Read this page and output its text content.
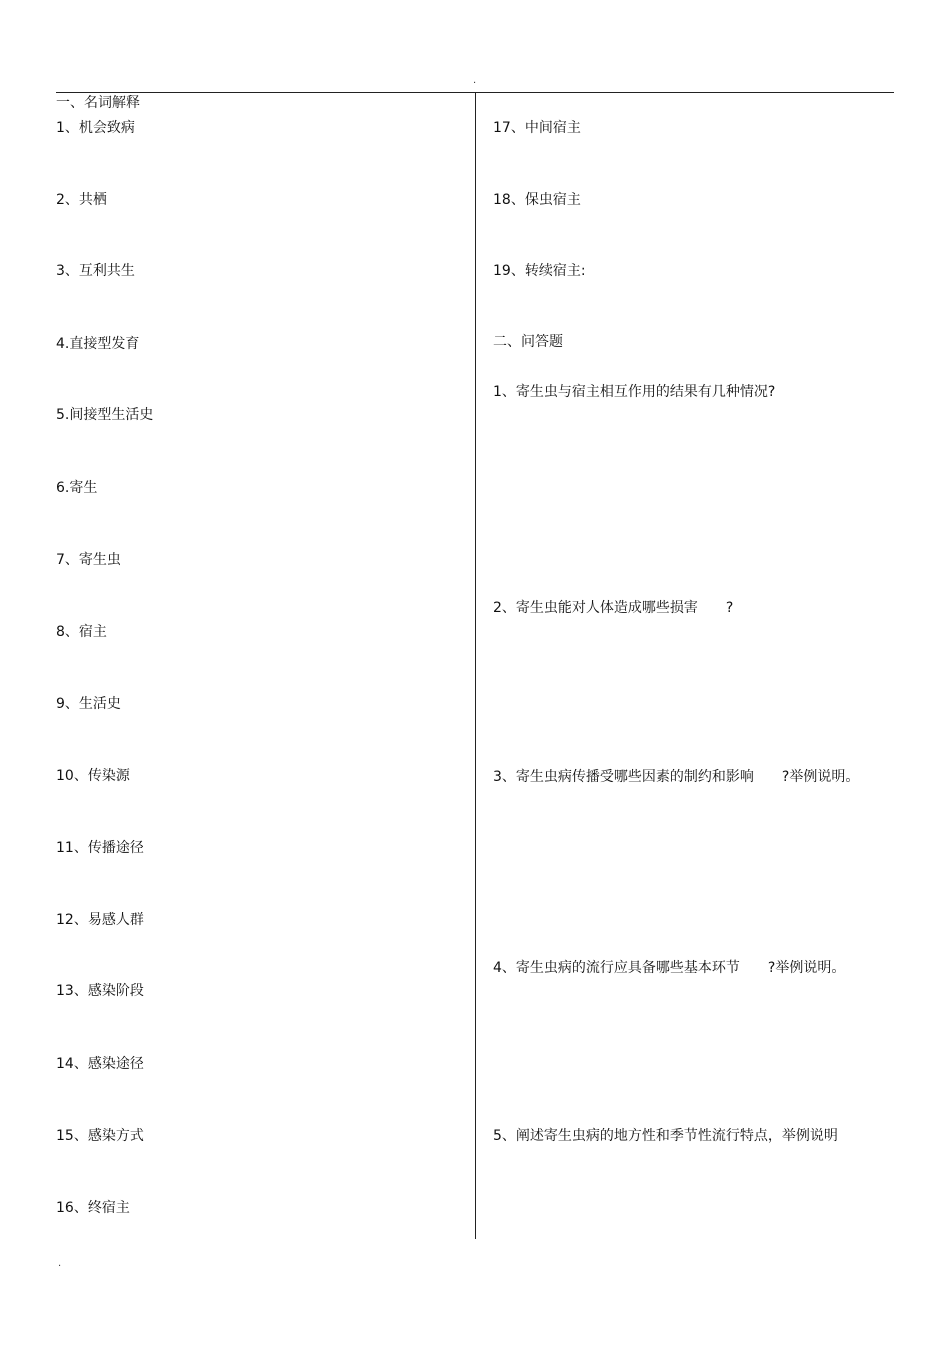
.
一、名词解释
1、机会致病
2、共栖
3、互利共生
4.直接型发育
5.间接型生活史
6.寄生
7、寄生虫
8、宿主
9、生活史
10、传染源
11、传播途径
12、易感人群
13、感染阶段
14、感染途径
15、感染方式
16、终宿主
17、中间宿主
18、保虫宿主
19、转续宿主:
二、问答题
1、寄生虫与宿主相互作用的结果有几种情况?
2、寄生虫能对人体造成哪些损害　　?
3、寄生虫病传播受哪些因素的制约和影响　　?举例说明。
4、寄生虫病的流行应具备哪些基本环节　　?举例说明。
5、阐述寄生虫病的地方性和季节性流行特点，举例说明
.
